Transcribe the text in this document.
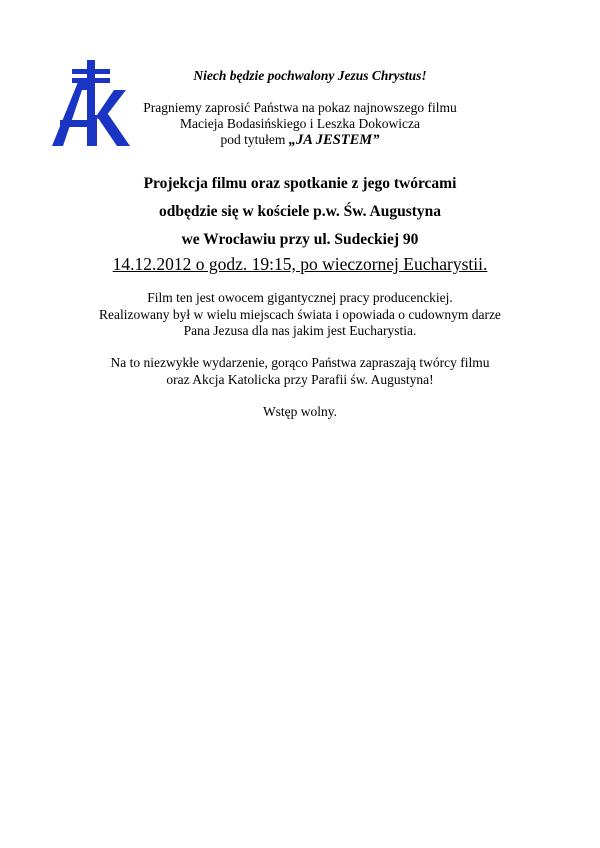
Niech będzie pochwalony Jezus Chrystus!
Pragniemy zaprosić Państwa na pokaz najnowszego filmu
Macieja Bodasińskiego i Leszka Dokowicza
pod tytułem „JA JESTEM”
Projekcja filmu oraz spotkanie z jego twórcami
odbędzie się w kościele p.w. Św. Augustyna
we Wrocławiu przy ul. Sudeckiej 90
14.12.2012 o godz. 19:15, po wieczornej Eucharystii.
Film ten jest owocem gigantycznej pracy producenckiej.
Realizowany był w wielu miejscach świata i opowiada o cudownym darze
Pana Jezusa dla nas jakim jest Eucharystia.
Na to niezwykłe wydarzenie, gorąco Państwa zapraszają twórcy filmu
oraz Akcja Katolicka przy Parafii św. Augustyna!
Wstęp wolny.
